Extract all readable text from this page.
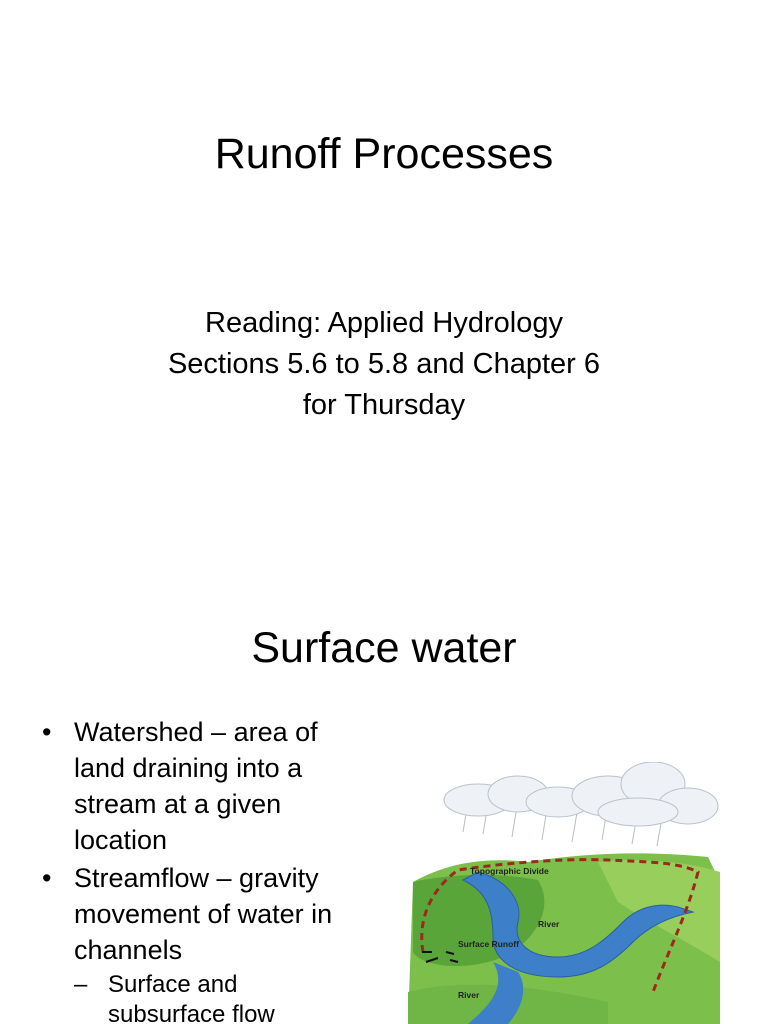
Runoff Processes
Reading: Applied Hydrology
Sections 5.6 to 5.8 and Chapter 6
for Thursday
Surface water
• Watershed – area of
land draining into a
stream at a given
location
• Streamflow – gravity
movement of water in
channels
– Surface and
subsurface flow
Topographic Divide
River
Surface Runoff
River
